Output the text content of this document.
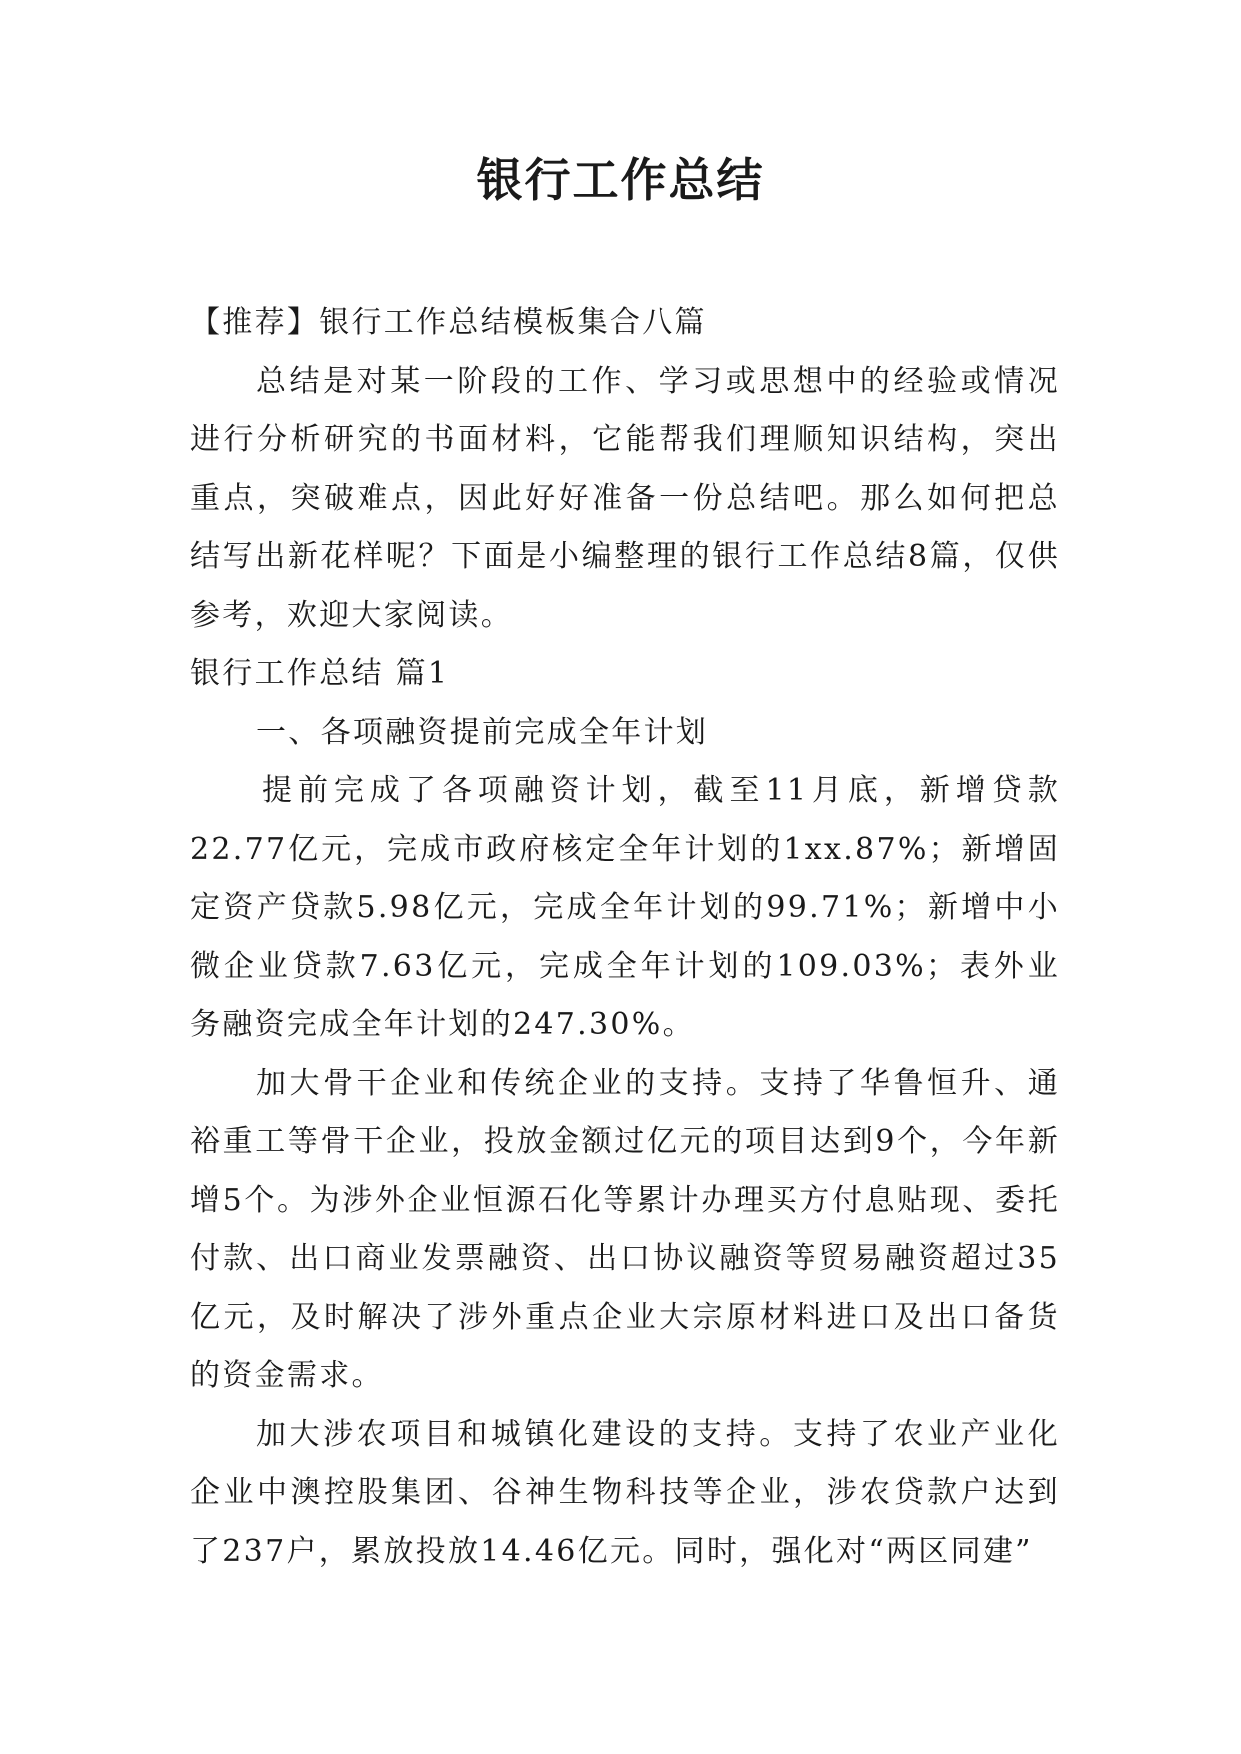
银行工作总结

【推荐】银行工作总结模板集合八篇

总结是对某一阶段的工作、学习或思想中的经验或情况进行分析研究的书面材料，它能帮我们理顺知识结构，突出重点，突破难点，因此好好准备一份总结吧。那么如何把总结写出新花样呢？下面是小编整理的银行工作总结8篇，仅供参考，欢迎大家阅读。

银行工作总结 篇1

一、各项融资提前完成全年计划

提前完成了各项融资计划，截至11月底，新增贷款22.77亿元，完成市政府核定全年计划的1xx.87%；新增固定资产贷款5.98亿元，完成全年计划的99.71%；新增中小微企业贷款7.63亿元，完成全年计划的109.03%；表外业务融资完成全年计划的247.30%。

加大骨干企业和传统企业的支持。支持了华鲁恒升、通裕重工等骨干企业，投放金额过亿元的项目达到9个，今年新增5个。为涉外企业恒源石化等累计办理买方付息贴现、委托付款、出口商业发票融资、出口协议融资等贸易融资超过35亿元，及时解决了涉外重点企业大宗原材料进口及出口备货的资金需求。

加大涉农项目和城镇化建设的支持。支持了农业产业化企业中澳控股集团、谷神生物科技等企业，涉农贷款户达到了237户，累放投放14.46亿元。同时，强化对“两区同建”
